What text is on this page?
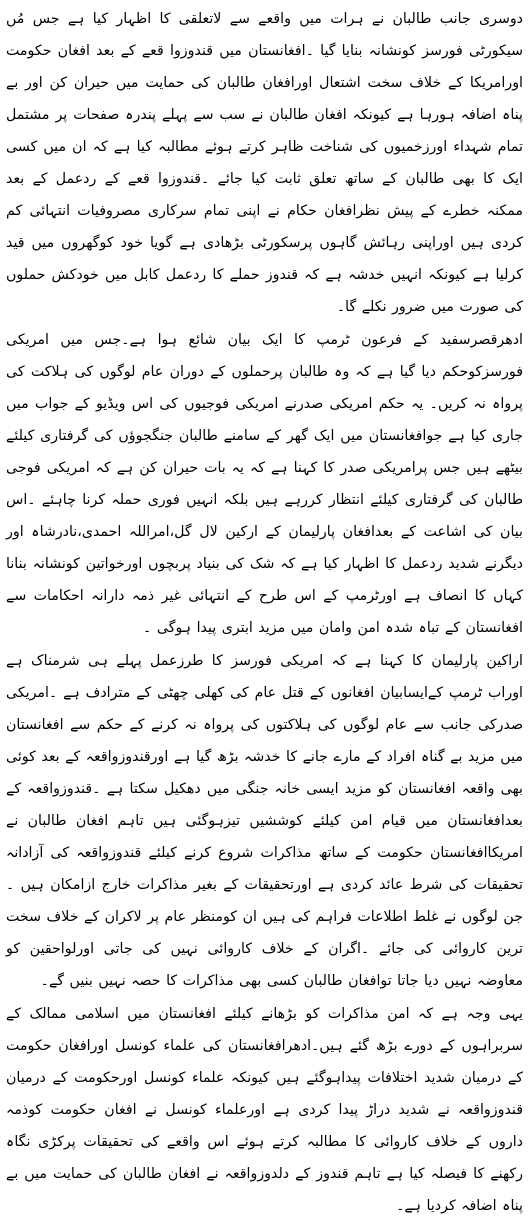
دوسری جانب طالبان نے ہرات میں واقعے سے لاتعلقی کا اظہار کیا ہے جس مُں سیکورٹی فورسز کونشانہ بنایا گیا ۔افغانستان میں قندوزوا قعے کے بعد افغان حکومت اورامریکا کے خلاف سخت اشتعال اورافغان طالبان کی حمایت میں حیران کن اور بے پناہ اضافہ ہورہا ہے کیونکہ افغان طالبان نے سب سے پہلے پندرہ صفحات پر مشتمل تمام شہداء اورزخمیوں کی شناخت ظاہر کرتے ہوئے مطالبہ کیا ہے کہ ان میں کسی ایک کا بھی طالبان کے ساتھ تعلق ثابت کیا جائے ۔قندوزوا قعے کے ردعمل کے بعد ممکنہ خطرے کے پیش نظرافغان حکام نے اپنی تمام سرکاری مصروفیات انتہائی کم کردی ہیں اوراپنی رہائش گاہوں پرسکورٹی بڑھادی ہے گویا خود کوگھروں میں قید کرلیا ہے کیونکہ انہیں خدشہ ہے کہ قندوز حملے کا ردعمل کابل میں خودکش حملوں کی صورت میں ضرور نکلے گا۔

ادھرقصرسفید کے فرعون ٹرمپ کا ایک بیان شائع ہوا ہے۔جس میں امریکی فورسزکوحکم دیا گیا ہے کہ وہ طالبان پرحملوں کے دوران عام لوگوں کی ہلاکت کی پرواہ نہ کریں۔ یہ حکم امریکی صدرنے امریکی فوجیوں کی اس ویڈیو کے جواب میں جاری کیا ہے جوافغانستان میں ایک گھر کے سامنے طالبان جنگجوؤں کی گرفتاری کیلئے بیٹھے ہیں جس پرامریکی صدر کا کہنا ہے کہ یہ بات حیران کن ہے کہ امریکی فوجی طالبان کی گرفتاری کیلئے انتظار کررہے ہیں بلکہ انہیں فوری حملہ کرنا چاہئے ۔اس بیان کی اشاعت کے بعدافغان پارلیمان کے ارکین لال گل،امراللہ احمدی،نادرشاہ اور دیگرنے شدید ردعمل کا اظہار کیا ہے کہ شک کی بنیاد پربچوں اورخواتین کونشانہ بنانا کہاں کا انصاف ہے اورٹرمپ کے اس طرح کے انتہائی غیر ذمہ دارانہ احکامات سے افغانستان کے تباہ شدہ امن وامان میں مزید ابتری پیدا ہوگی ۔

اراکین پارلیمان کا کہنا ہے کہ امریکی فورسز کا طرزعمل پہلے ہی شرمناک ہے اوراب ٹرمپ کےایسابیان افغانوں کے قتل عام کی کھلی چھٹی کے مترادف ہے ۔امریکی صدرکی جانب سے عام لوگوں کی ہلاکتوں کی پرواہ نہ کرنے کے حکم سے افغانستان میں مزید بے گناہ افراد کے مارے جانے کا خدشہ بڑھ گیا ہے اورقندوزواقعہ کے بعد کوئی بھی واقعہ افغانستان کو مزید ایسی خانہ جنگی میں دھکیل سکتا ہے ۔قندوزواقعہ کے بعدافغانستان میں قیام امن کیلئے کوششیں تیزہوگئی ہیں تاہم افغان طالبان نے امریکاافغانستان حکومت کے ساتھ مذاکرات شروع کرنے کیلئے قندوزواقعہ کی آزادانہ تحقیقات کی شرط عائد کردی ہے اورتحقیقات کے بغیر مذاکرات خارج ازامکان ہیں ۔جن لوگوں نے غلط اطلاعات فراہم کی ہیں ان کومنظر عام پر لاکران کے خلاف سخت ترین کاروائی کی جائے ۔اگران کے خلاف کاروائی نہیں کی جاتی اورلواحقین کو معاوضہ نہیں دیا جاتا توافغان طالبان کسی بھی مذاکرات کا حصہ نہیں بنیں گے۔

یہی وجہ ہے کہ امن مذاکرات کو بڑھانے کیلئے افغانستان میں اسلامی ممالک کے سربراہوں کے دورے بڑھ گئے ہیں۔ادھرافغانستان کی علماء کونسل اورافغان حکومت کے درمیان شدید اختلافات پیداہوگئے ہیں کیونکہ علماء کونسل اورحکومت کے درمیان قندوزواقعہ نے شدید دراڑ پیدا کردی ہے اورعلماء کونسل نے افغان حکومت کوذمہ داروں کے خلاف کاروائی کا مطالبہ کرتے ہوئے اس واقعے کی تحقیقات پرکڑی نگاہ رکھنے کا فیصلہ کیا ہے تاہم قندوز کے دلدوزواقعہ نے افغان طالبان کی حمایت میں بے پناہ اضافہ کردیا ہے۔
